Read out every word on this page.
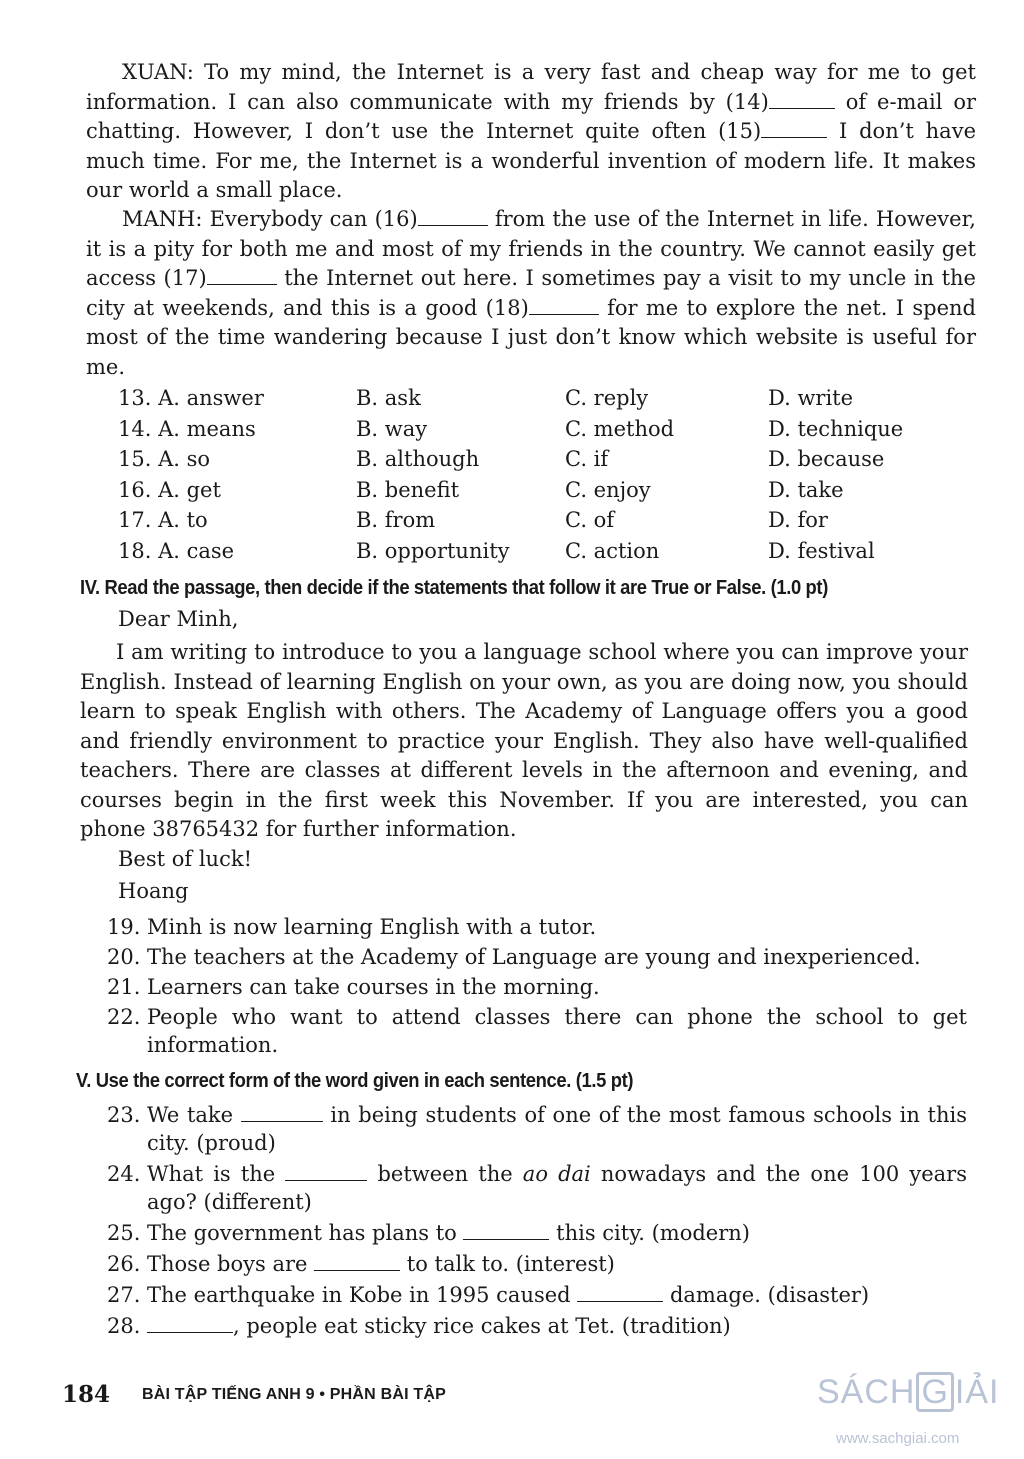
XUAN: To my mind, the Internet is a very fast and cheap way for me to get information. I can also communicate with my friends by (14)	of e-mail or chatting. However, I don’t use the Internet quite often (15)	I don’t have much time. For me, the Internet is a wonderful invention of modern life. It makes our world a small place.

MANH: Everybody can (16)	from the use of the Internet in life. However, it is a pity for both me and most of my friends in the country. We cannot easily get access (17)	the Internet out here. I sometimes pay a visit to my uncle in the city at weekends, and this is a good (18)	for me to explore the net. I spend most of the time wandering because I just don’t know which website is useful for me.

13. A. answer	B. ask	C. reply	D. write
14. A. means	B. way	C. method	D. technique
15. A. so	B. although	C. if	D. because
16. A. get	B. benefit	C. enjoy	D. take
17. A. to	B. from	C. of	D. for
18. A. case	B. opportunity	C. action	D. festival

IV. Read the passage, then decide if the statements that follow it are True or False. (1.0 pt)

Dear Minh,

I am writing to introduce to you a language school where you can improve your English. Instead of learning English on your own, as you are doing now, you should learn to speak English with others. The Academy of Language offers you a good and friendly environment to practice your English. They also have well-qualified teachers. There are classes at different levels in the afternoon and evening, and courses begin in the first week this November. If you are interested, you can phone 38765432 for further information.

Best of luck!

Hoang

19. Minh is now learning English with a tutor.
20. The teachers at the Academy of Language are young and inexperienced.
21. Learners can take courses in the morning.
22. People who want to attend classes there can phone the school to get information.

V. Use the correct form of the word given in each sentence. (1.5 pt)

23. We take	in being students of one of the most famous schools in this city. (proud)
24. What is the	between the ao dai nowadays and the one 100 years ago? (different)
25. The government has plans to	this city. (modern)
26. Those boys are	to talk to. (interest)
27. The earthquake in Kobe in 1995 caused	damage. (disaster)
28.	, people eat sticky rice cakes at Tet. (tradition)
184 BÀI TẬP TIẾNG ANH 9 • PHẦN BÀI TẬP	SÁCH G IẢI
www.sachgiai.com
